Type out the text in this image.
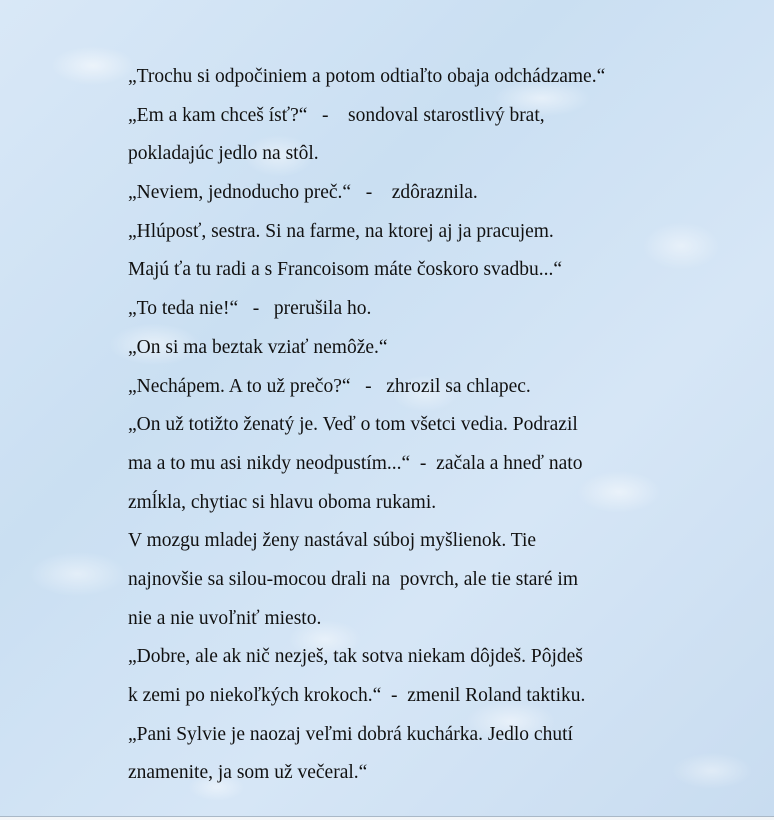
„Trochu si odpočiniem a potom odtiaľto obaja odchádzame.“
„Em a kam chceš ísť?“   -    sondoval starostlivý brat,
pokladajúc jedlo na stôl.
„Neviem, jednoducho preč.“   -    zdôraznila.
„Hlúposť, sestra. Si na farme, na ktorej aj ja pracujem.
Majú ťa tu radi a s Francoisom máte čoskoro svadbu...“
„To teda nie!“   -   prerušila ho.
„On si ma beztak vziať nemôže.“
„Nechápem. A to už prečo?“   -   zhrozil sa chlapec.
„On už totižto ženatý je. Veď o tom všetci vedia. Podrazil
ma a to mu asi nikdy neodpustím...“  -  začala a hneď nato
zmĺkla, chytiac si hlavu oboma rukami.
V mozgu mladej ženy nastával súboj myšlienok. Tie
najnovšie sa silou-mocou drali na  povrch, ale tie staré im
nie a nie uvoľniť miesto.
„Dobre, ale ak nič nezješ, tak sotva niekam dôjdeš. Pôjdeš
k zemi po niekoľkých krokoch.“  -  zmenil Roland taktiku.
„Pani Sylvie je naozaj veľmi dobrá kuchárka. Jedlo chutí
znamenite, ja som už večeral.“
